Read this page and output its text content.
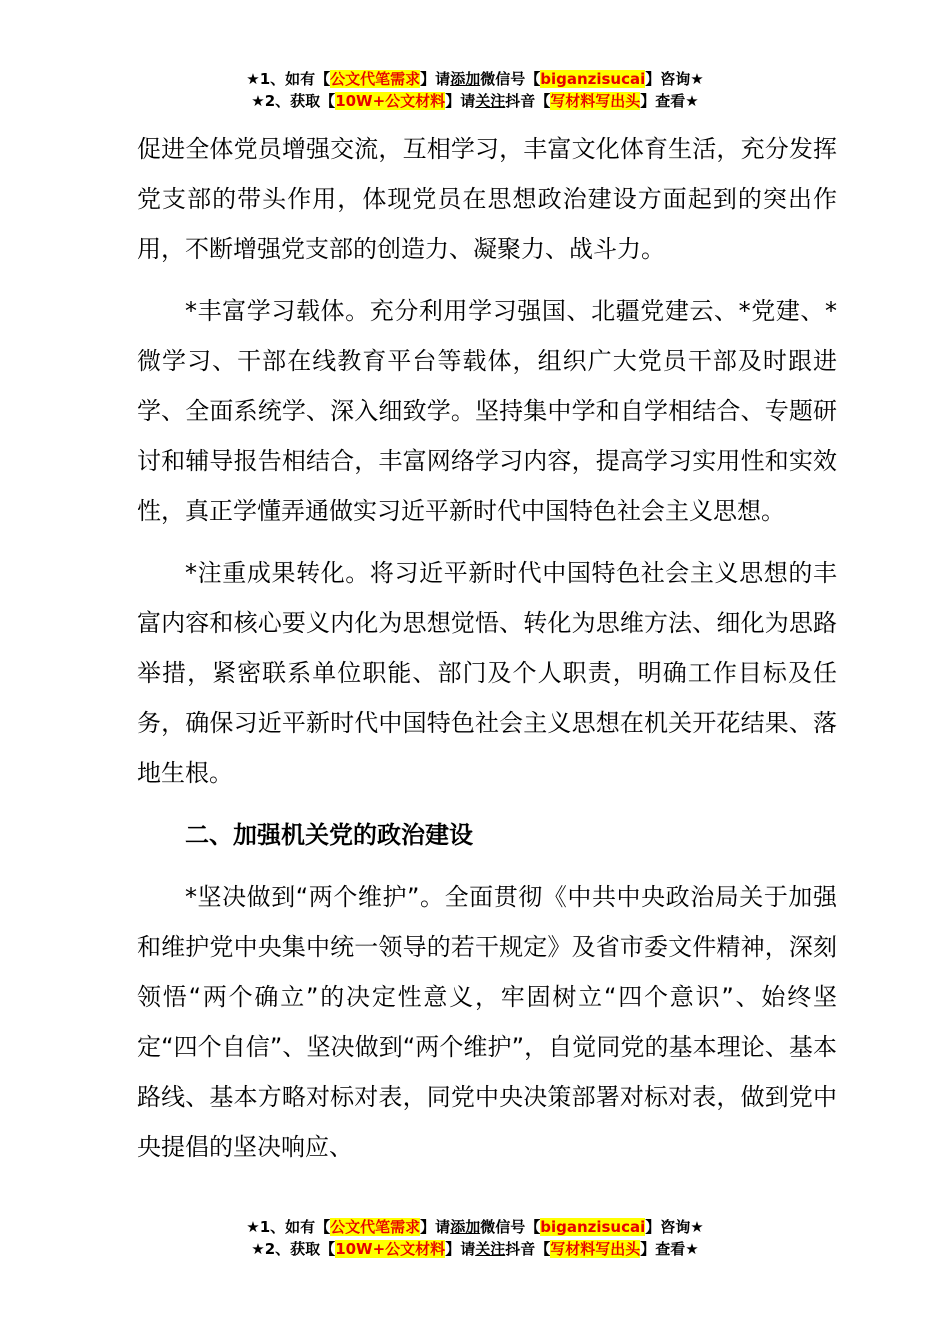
★1、如有【公文代笔需求】请添加微信号【biganzisucai】咨询★
★2、获取【10W+公文材料】请关注抖音【写材料写出头】查看★

促进全体党员增强交流，互相学习，丰富文化体育生活，充分发挥党支部的带头作用，体现党员在思想政治建设方面起到的突出作用，不断增强党支部的创造力、凝聚力、战斗力。

*丰富学习载体。充分利用学习强国、北疆党建云、*党建、*微学习、干部在线教育平台等载体，组织广大党员干部及时跟进学、全面系统学、深入细致学。坚持集中学和自学相结合、专题研讨和辅导报告相结合，丰富网络学习内容，提高学习实用性和实效性，真正学懂弄通做实习近平新时代中国特色社会主义思想。

*注重成果转化。将习近平新时代中国特色社会主义思想的丰富内容和核心要义内化为思想觉悟、转化为思维方法、细化为思路举措，紧密联系单位职能、部门及个人职责，明确工作目标及任务，确保习近平新时代中国特色社会主义思想在机关开花结果、落地生根。

二、加强机关党的政治建设

*坚决做到“两个维护”。全面贯彻《中共中央政治局关于加强和维护党中央集中统一领导的若干规定》及省市委文件精神，深刻领悟“两个确立”的决定性意义，牢固树立“四个意识”、始终坚定“四个自信”、坚决做到“两个维护”，自觉同党的基本理论、基本路线、基本方略对标对表，同党中央决策部署对标对表，做到党中央提倡的坚决响应、

★1、如有【公文代笔需求】请添加微信号【biganzisucai】咨询★
★2、获取【10W+公文材料】请关注抖音【写材料写出头】查看★
